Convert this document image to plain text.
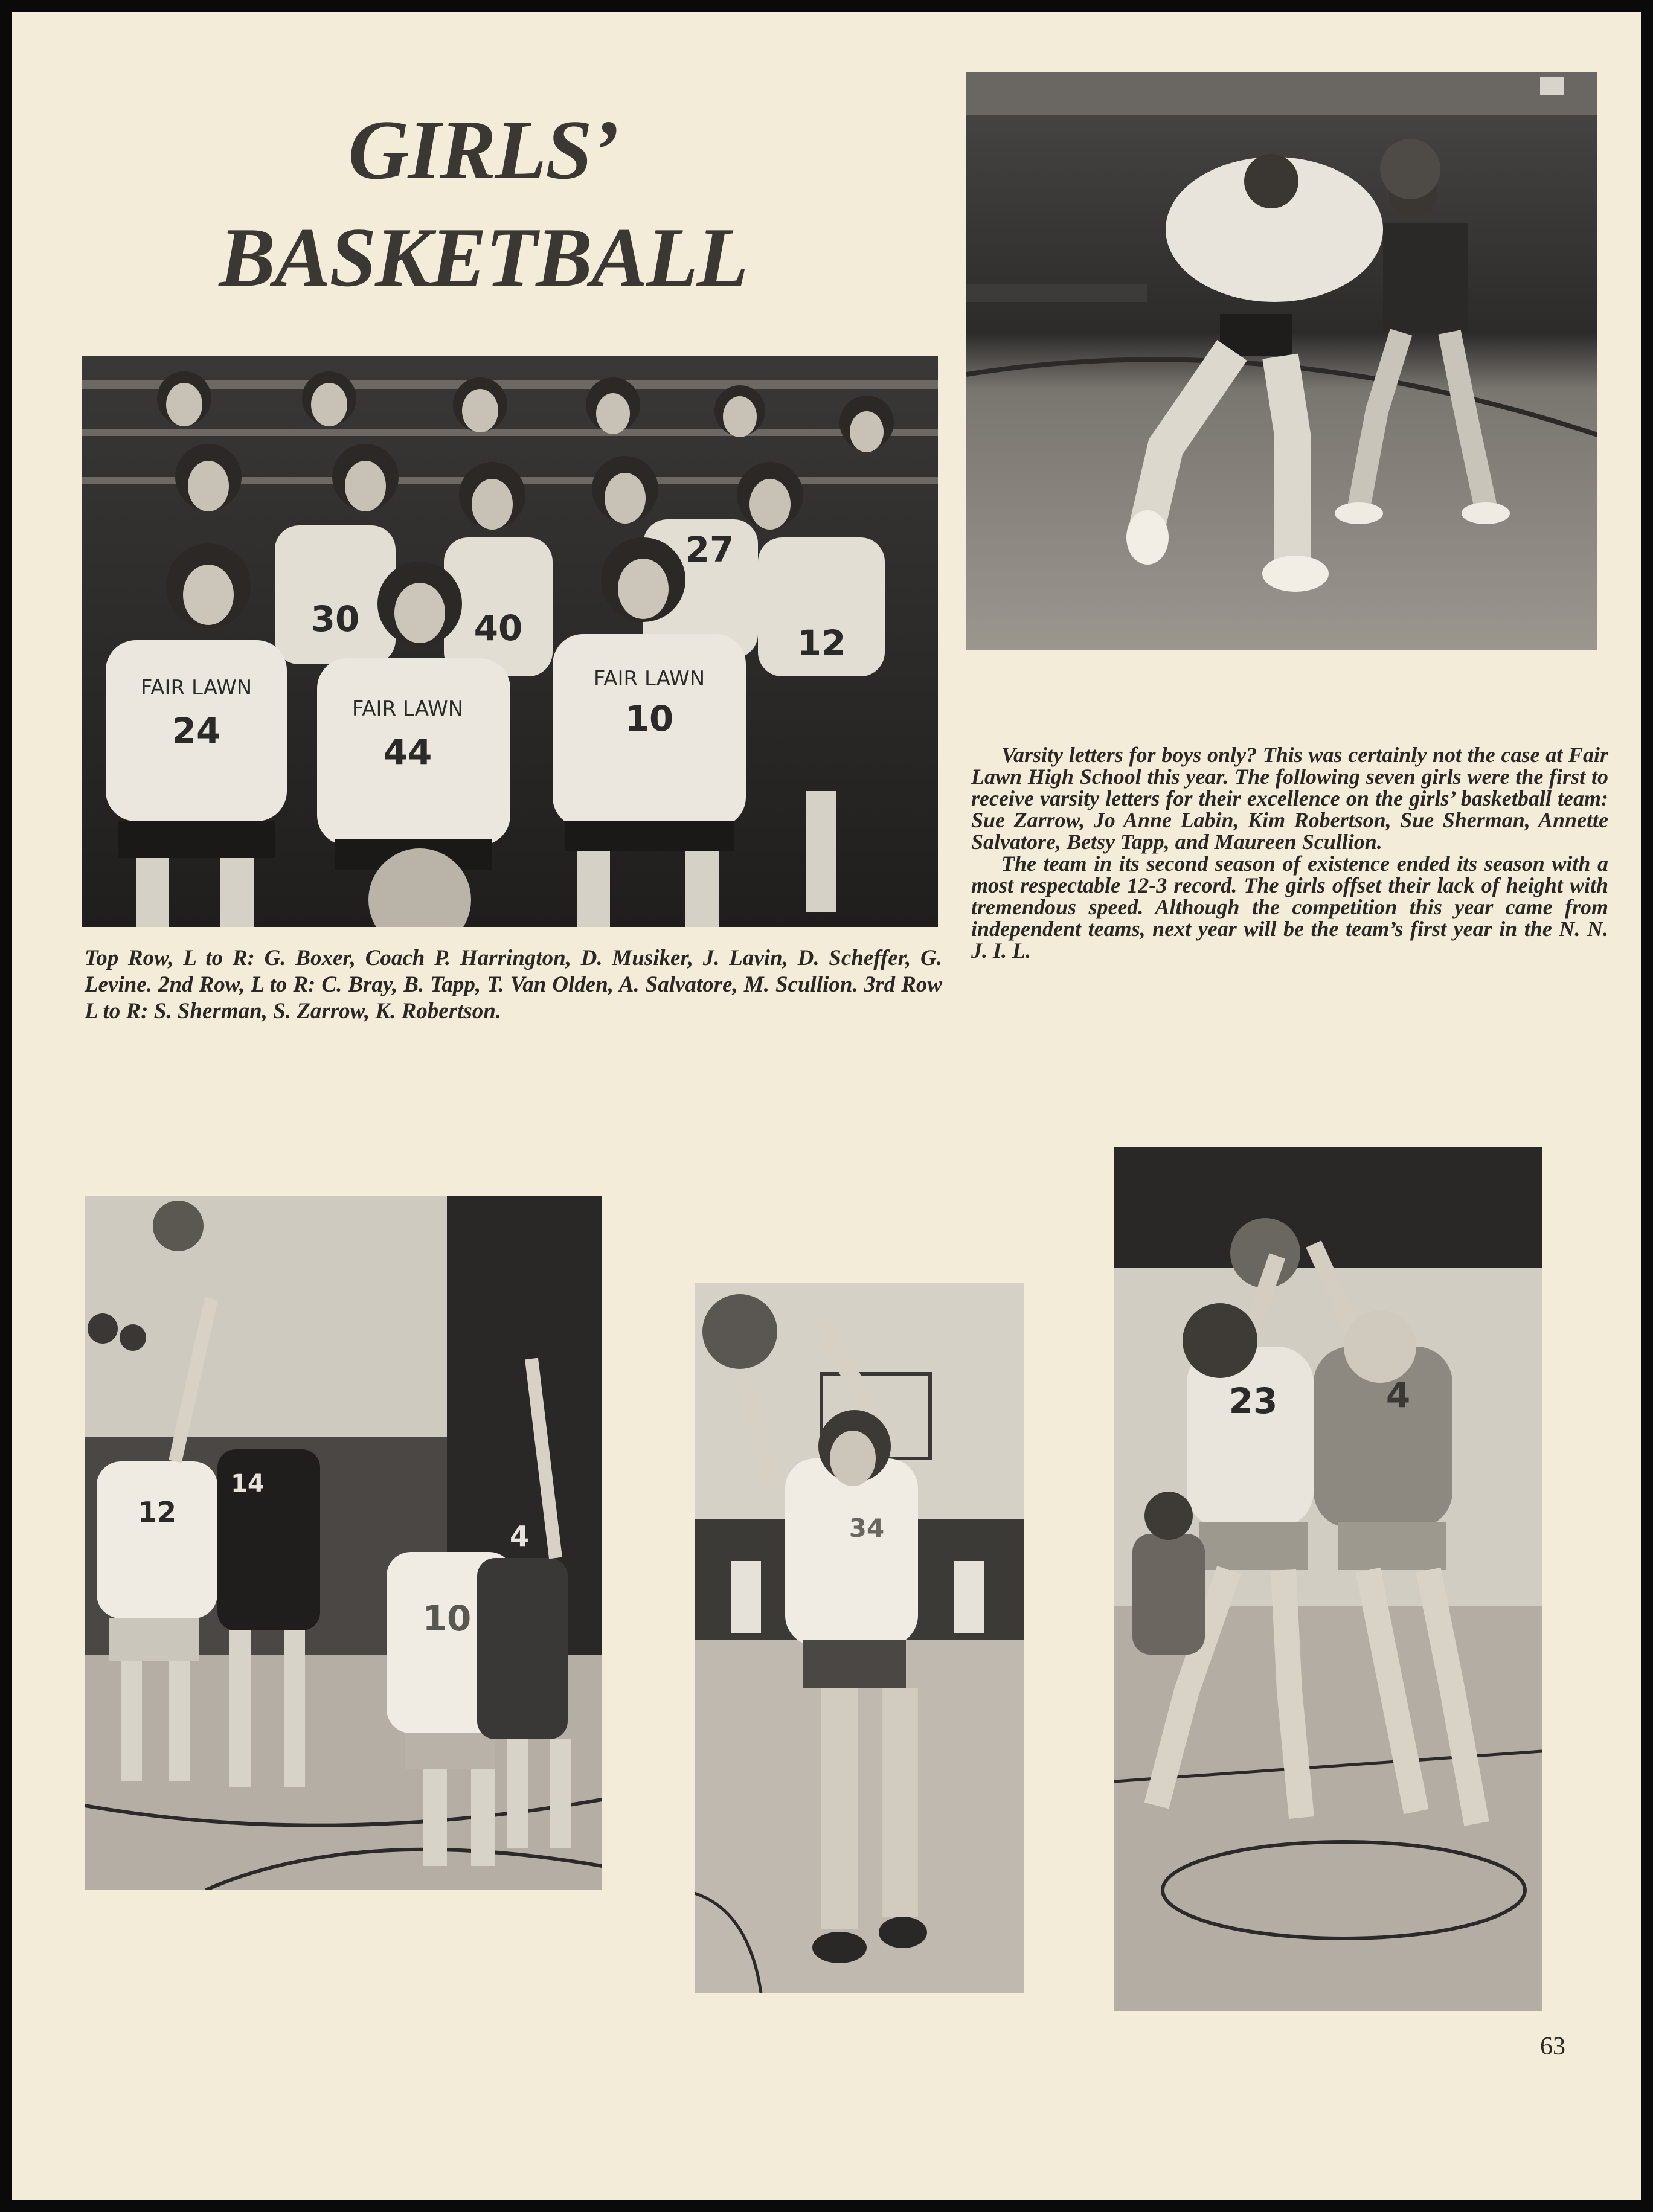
GIRLS’
BASKETBALL
FAIR LAWN
FAIR LAWN
FAIR LAWN
30	40
27
24
44
10
12

Top Row, L to R: G. Boxer, Coach P. Harrington, D. Musiker, J. Lavin, D. Scheffer, G. Levine. 2nd Row, L to R: C. Bray, B. Tapp, T. Van Olden, A. Salvatore, M. Scullion. 3rd Row L to R: S. Sherman, S. Zarrow, K. Robertson.

Varsity letters for boys only? This was certainly not the case at Fair Lawn High School this year. The following seven girls were the first to receive varsity letters for their excellence on the girls’ basketball team: Sue Zarrow, Jo Anne Labin, Kim Robertson, Sue Sherman, Annette Salvatore, Betsy Tapp, and Maureen Scullion.

The team in its second season of existence ended its season with a most respectable 12-3 record. The girls offset their lack of height with tremendous speed. Although the competition this year came from independent teams, next year will be the team’s first year in the N. N. J. I. L.

12
14
10
4	34
23	4
63
